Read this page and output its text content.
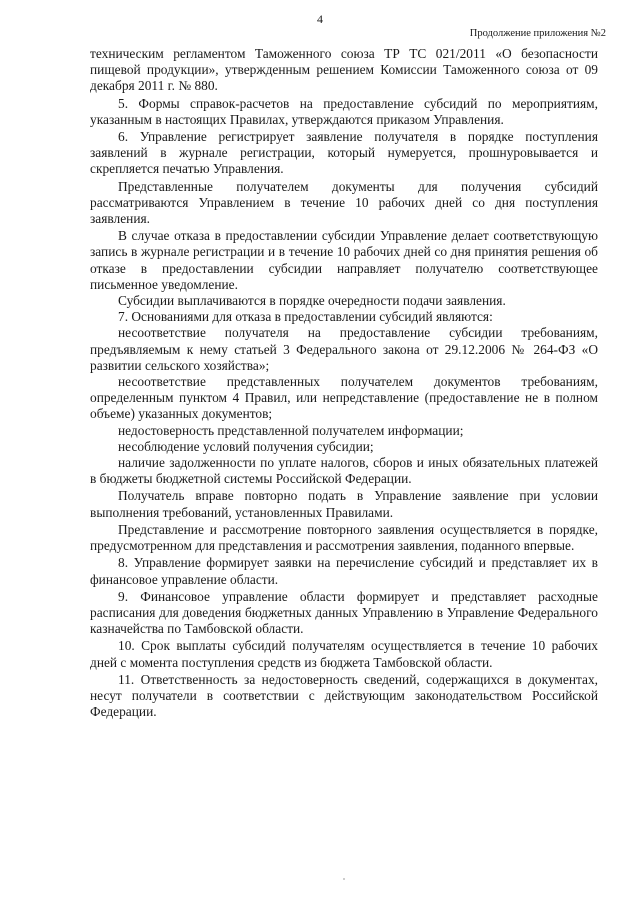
4
Продолжение приложения №2

техническим регламентом Таможенного союза ТР ТС 021/2011 «О безопасности пищевой продукции», утвержденным решением Комиссии Таможенного союза от 09 декабря 2011 г. № 880.

5. Формы справок-расчетов на предоставление субсидий по мероприятиям, указанным в настоящих Правилах, утверждаются приказом Управления.

6. Управление регистрирует заявление получателя в порядке поступления заявлений в журнале регистрации, который нумеруется, прошнуровывается и скрепляется печатью Управления.

Представленные получателем документы для получения субсидий рассматриваются Управлением в течение 10 рабочих дней со дня поступления заявления.

В случае отказа в предоставлении субсидии Управление делает соответствующую запись в журнале регистрации и в течение 10 рабочих дней со дня принятия решения об отказе в предоставлении субсидии направляет получателю соответствующее письменное уведомление.

Субсидии выплачиваются в порядке очередности подачи заявления.

7. Основаниями для отказа в предоставлении субсидий являются:

несоответствие получателя на предоставление субсидии требованиям, предъявляемым к нему статьей 3 Федерального закона от 29.12.2006 № 264-ФЗ «О развитии сельского хозяйства»;

несоответствие представленных получателем документов требованиям, определенным пунктом 4 Правил, или непредставление (предоставление не в полном объеме) указанных документов;

недостоверность представленной получателем информации;

несоблюдение условий получения субсидии;

наличие задолженности по уплате налогов, сборов и иных обязательных платежей в бюджеты бюджетной системы Российской Федерации.

Получатель вправе повторно подать в Управление заявление при условии выполнения требований, установленных Правилами.

Представление и рассмотрение повторного заявления осуществляется в порядке, предусмотренном для представления и рассмотрения заявления, поданного впервые.

8. Управление формирует заявки на перечисление субсидий и представляет их в финансовое управление области.

9. Финансовое управление области формирует и представляет расходные расписания для доведения бюджетных данных Управлению в Управление Федерального казначейства по Тамбовской области.

10. Срок выплаты субсидий получателям осуществляется в течение 10 рабочих дней с момента поступления средств из бюджета Тамбовской области.

11. Ответственность за недостоверность сведений, содержащихся в документах, несут получатели в соответствии с действующим законодательством Российской Федерации.
